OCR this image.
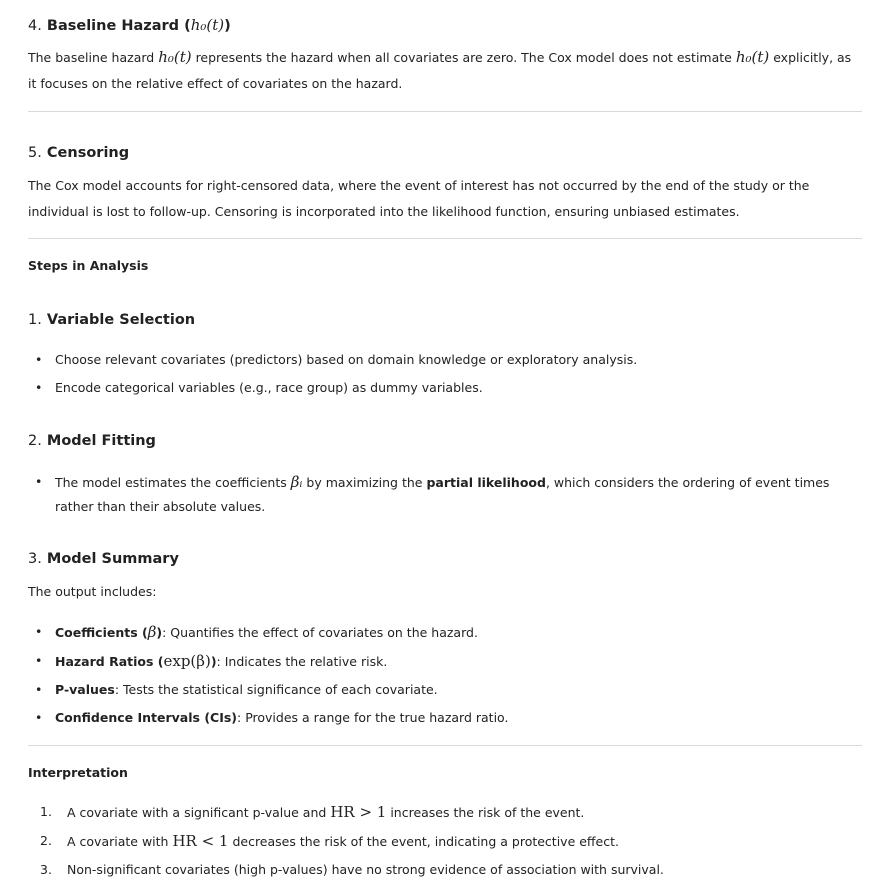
4. Baseline Hazard (h₀(t))

The baseline hazard h₀(t) represents the hazard when all covariates are zero. The Cox model does not estimate h₀(t) explicitly, as it focuses on the relative effect of covariates on the hazard.

5. Censoring

The Cox model accounts for right-censored data, where the event of interest has not occurred by the end of the study or the individual is lost to follow-up. Censoring is incorporated into the likelihood function, ensuring unbiased estimates.

Steps in Analysis
1. Variable Selection
• Choose relevant covariates (predictors) based on domain knowledge or exploratory analysis.
• Encode categorical variables (e.g., race group) as dummy variables.
2. Model Fitting
• The model estimates the coefficients βᵢ by maximizing the partial likelihood, which considers the ordering of event times rather than their absolute values.
3. Model Summary

The output includes:

• Coefficients (β): Quantifies the effect of covariates on the hazard.
• Hazard Ratios (exp(β)): Indicates the relative risk.
• P-values: Tests the statistical significance of each covariate.
• Confidence Intervals (CIs): Provides a range for the true hazard ratio.
Interpretation
1. A covariate with a significant p-value and HR > 1 increases the risk of the event.
2. A covariate with HR < 1 decreases the risk of the event, indicating a protective effect.
3. Non-significant covariates (high p-values) have no strong evidence of association with survival.
